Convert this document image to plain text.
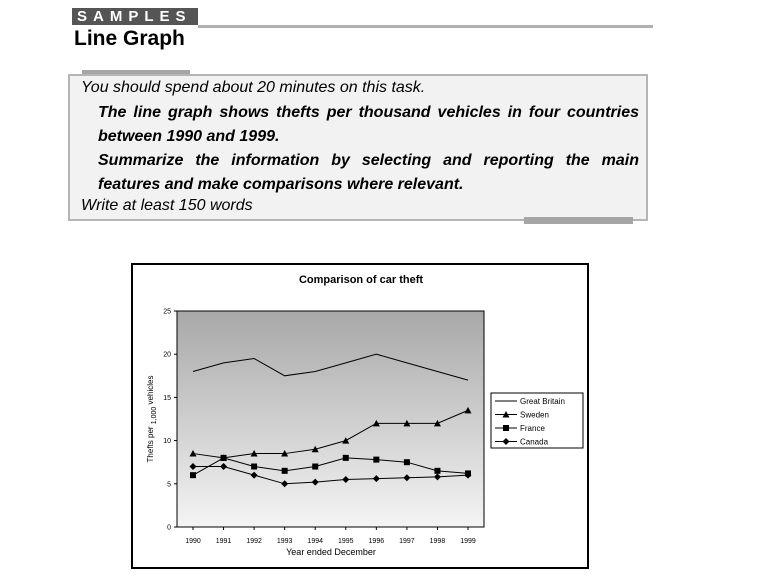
SAMPLES
Line Graph
You should spend about 20 minutes on this task.
The line graph shows thefts per thousand vehicles in four countries between 1990 and 1999.
Summarize the information by selecting and reporting the main features and make comparisons where relevant.
Write at least 150 words
Comparison of car theft
Year ended December
Thefts per 1,000 vehicles
0
5
10
15
20
25
1990 1991 1992 1993 1994 1995 1996 1997 1998 1999
Great Britain
Sweden
France
Canada
